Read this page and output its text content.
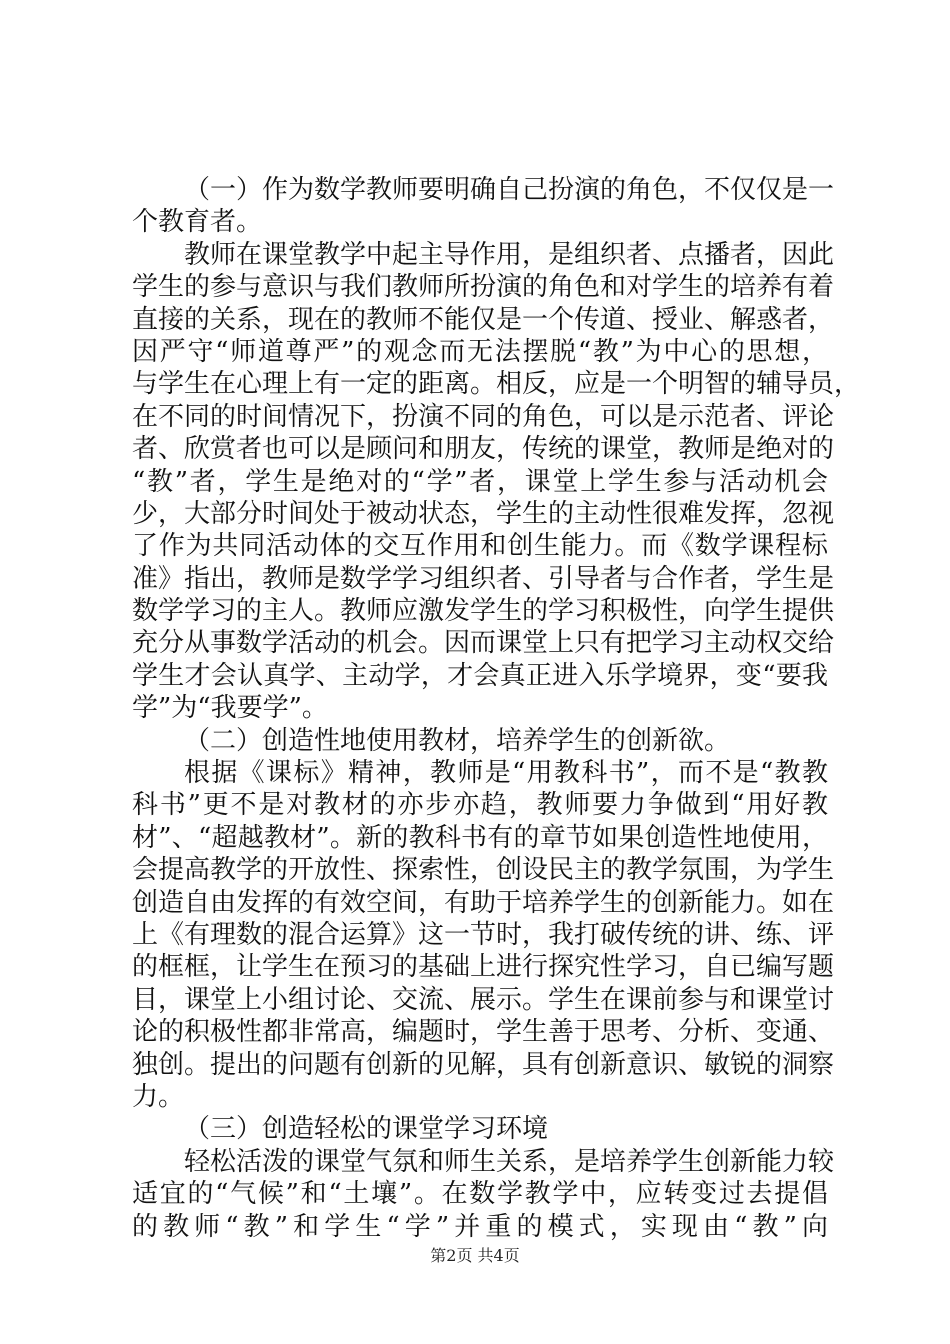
（一）作为数学教师要明确自己扮演的角色，不仅仅是一
个教育者。
教师在课堂教学中起主导作用，是组织者、点播者，因此
学生的参与意识与我们教师所扮演的角色和对学生的培养有着
直接的关系，现在的教师不能仅是一个传道、授业、解惑者，
因严守“师道尊严”的观念而无法摆脱“教”为中心的思想，
与学生在心理上有一定的距离。相反，应是一个明智的辅导员，
在不同的时间情况下，扮演不同的角色，可以是示范者、评论
者、欣赏者也可以是顾问和朋友，传统的课堂，教师是绝对的
“教”者，学生是绝对的“学”者，课堂上学生参与活动机会
少，大部分时间处于被动状态，学生的主动性很难发挥，忽视
了作为共同活动体的交互作用和创生能力。而《数学课程标
准》指出，教师是数学学习组织者、引导者与合作者，学生是
数学学习的主人。教师应激发学生的学习积极性，向学生提供
充分从事数学活动的机会。因而课堂上只有把学习主动权交给
学生才会认真学、主动学，才会真正进入乐学境界，变“要我
学”为“我要学”。
（二）创造性地使用教材，培养学生的创新欲。
根据《课标》精神，教师是“用教科书”，而不是“教教
科书”更不是对教材的亦步亦趋，教师要力争做到“用好教
材”、“超越教材”。新的教科书有的章节如果创造性地使用，
会提高教学的开放性、探索性，创设民主的教学氛围，为学生
创造自由发挥的有效空间，有助于培养学生的创新能力。如在
上《有理数的混合运算》这一节时，我打破传统的讲、练、评
的框框，让学生在预习的基础上进行探究性学习，自已编写题
目，课堂上小组讨论、交流、展示。学生在课前参与和课堂讨
论的积极性都非常高，编题时，学生善于思考、分析、变通、
独创。提出的问题有创新的见解，具有创新意识、敏锐的洞察
力。
（三）创造轻松的课堂学习环境
轻松活泼的课堂气氛和师生关系，是培养学生创新能力较
适宜的“气候”和“土壤”。在数学教学中，应转变过去提倡
的教师“教”和学生“学”并重的模式，实现由“教”向
第2页 共4页
